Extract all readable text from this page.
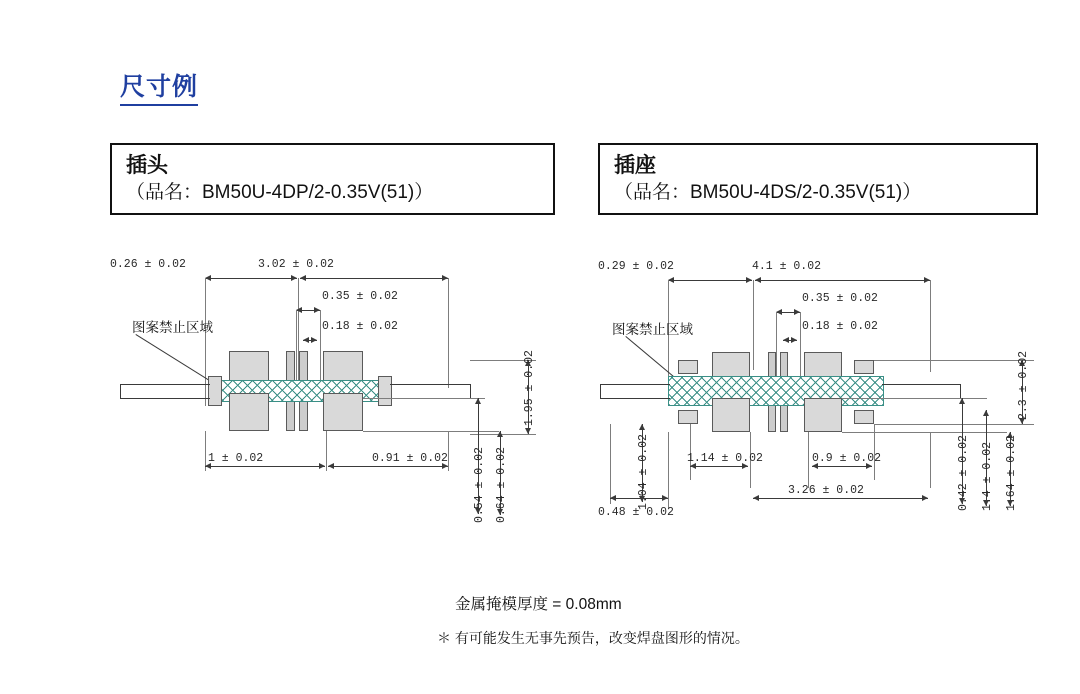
尺寸例
插头
（品名：BM50U-4DP/2-0.35V(51)）
插座
（品名：BM50U-4DS/2-0.35V(51)）
0.26 ± 0.02	3.02 ± 0.02
0.35 ± 0.02
0.18 ± 0.02
图案禁止区域
1 ± 0.02	0.91 ± 0.02
1.95 ± 0.02
0.54 ± 0.02 0.64 ± 0.02
0.29 ± 0.02	4.1 ± 0.02
0.35 ± 0.02
0.18 ± 0.02
图案禁止区域
1.14 ± 0.02	0.9 ± 0.02
3.26 ± 0.02
0.48 ± 0.02
1.04 ± 0.02
2.3 ± 0.02
0.42 ± 0.02 1.4 ± 0.02 1.64 ± 0.02
金属掩模厚度 = 0.08mm
＊ 有可能发生无事先预告，改变焊盘图形的情况。
